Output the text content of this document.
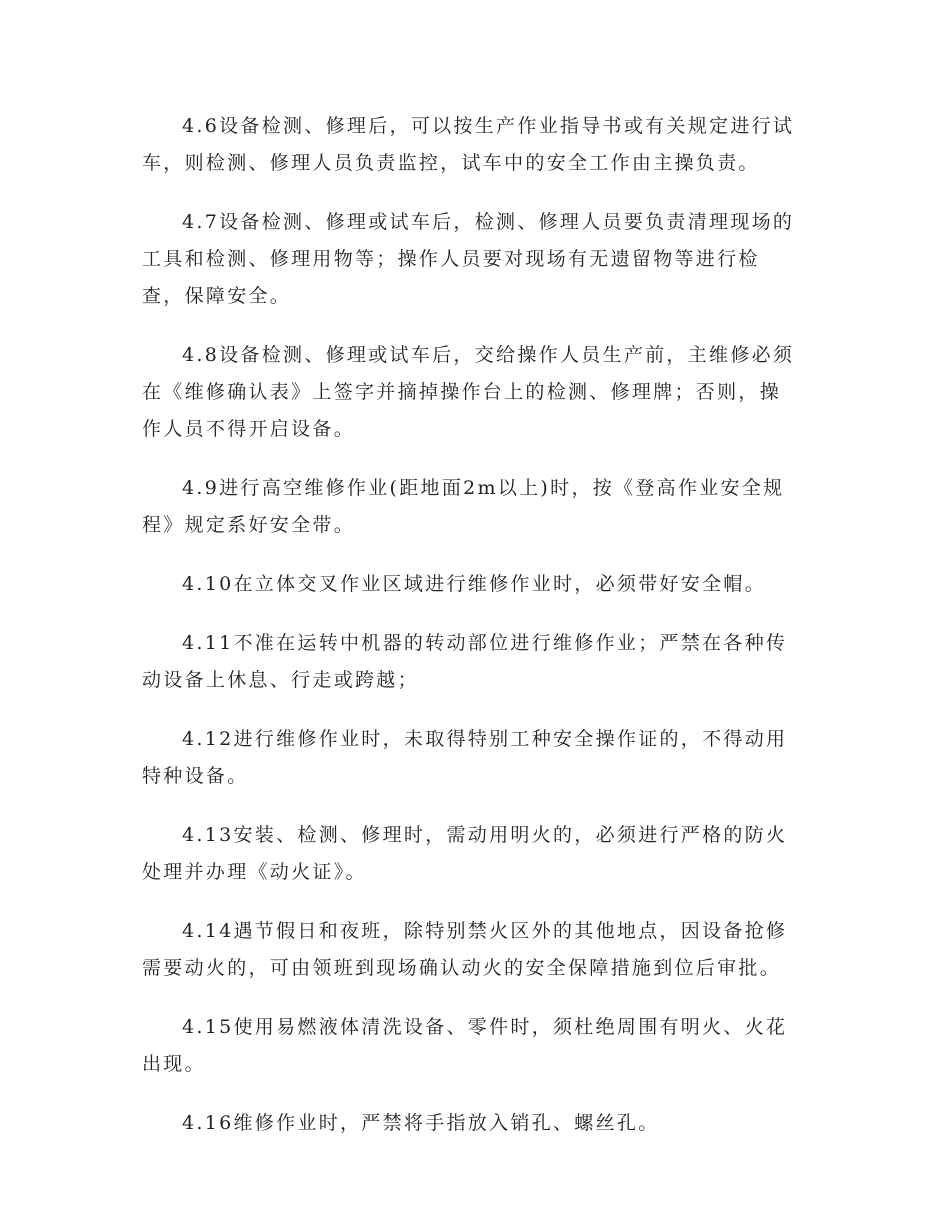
4.6设备检测、修理后，可以按生产作业指导书或有关规定进行试
车，则检测、修理人员负责监控，试车中的安全工作由主操负责。

4.7设备检测、修理或试车后，检测、修理人员要负责清理现场的
工具和检测、修理用物等；操作人员要对现场有无遗留物等进行检
查，保障安全。

4.8设备检测、修理或试车后，交给操作人员生产前，主维修必须
在《维修确认表》上签字并摘掉操作台上的检测、修理牌；否则，操
作人员不得开启设备。

4.9进行高空维修作业(距地面2m以上)时，按《登高作业安全规
程》规定系好安全带。

4.10在立体交叉作业区域进行维修作业时，必须带好安全帽。

4.11不准在运转中机器的转动部位进行维修作业；严禁在各种传
动设备上休息、行走或跨越；

4.12进行维修作业时，未取得特别工种安全操作证的，不得动用
特种设备。

4.13安装、检测、修理时，需动用明火的，必须进行严格的防火
处理并办理《动火证》。

4.14遇节假日和夜班，除特别禁火区外的其他地点，因设备抢修
需要动火的，可由领班到现场确认动火的安全保障措施到位后审批。

4.15使用易燃液体清洗设备、零件时，须杜绝周围有明火、火花
出现。

4.16维修作业时，严禁将手指放入销孔、螺丝孔。
